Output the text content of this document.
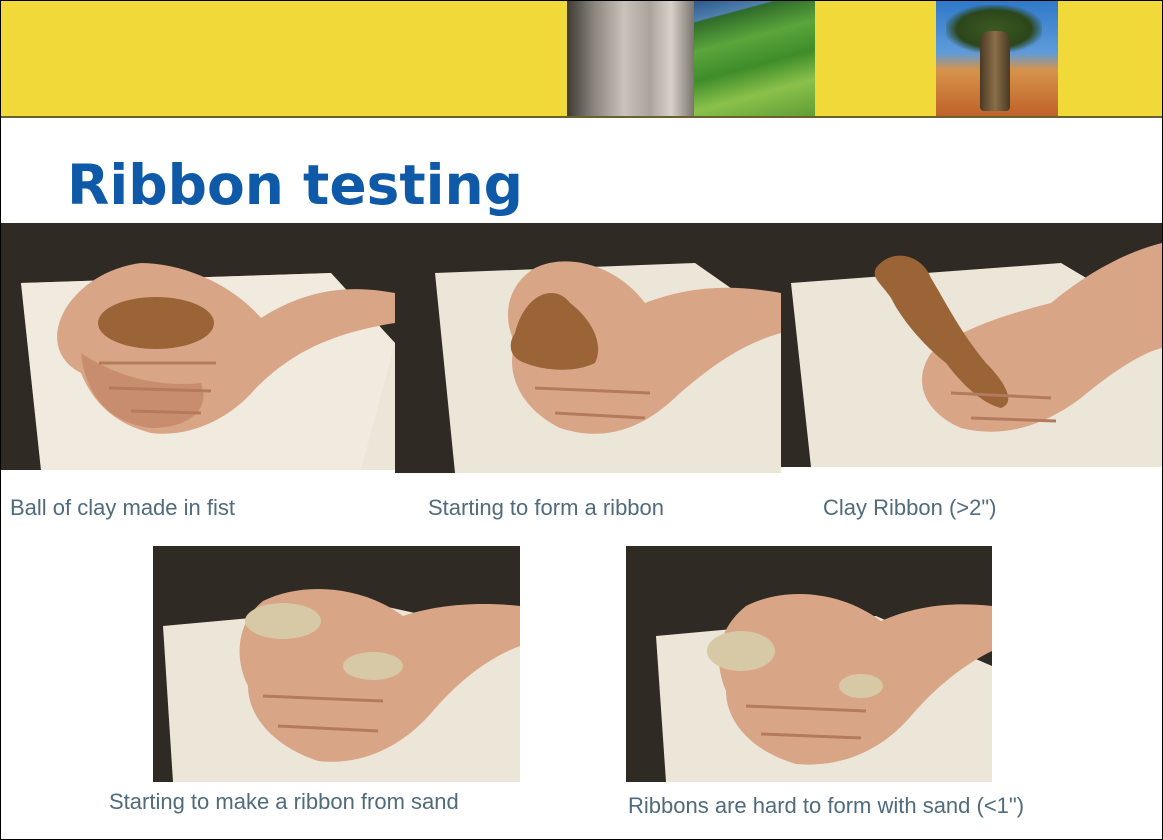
Ribbon testing

Ball of clay made in fist	Starting to form a ribbon	Clay Ribbon (>2")

Starting to make a ribbon from sand	Ribbons are hard to form with sand (<1")
